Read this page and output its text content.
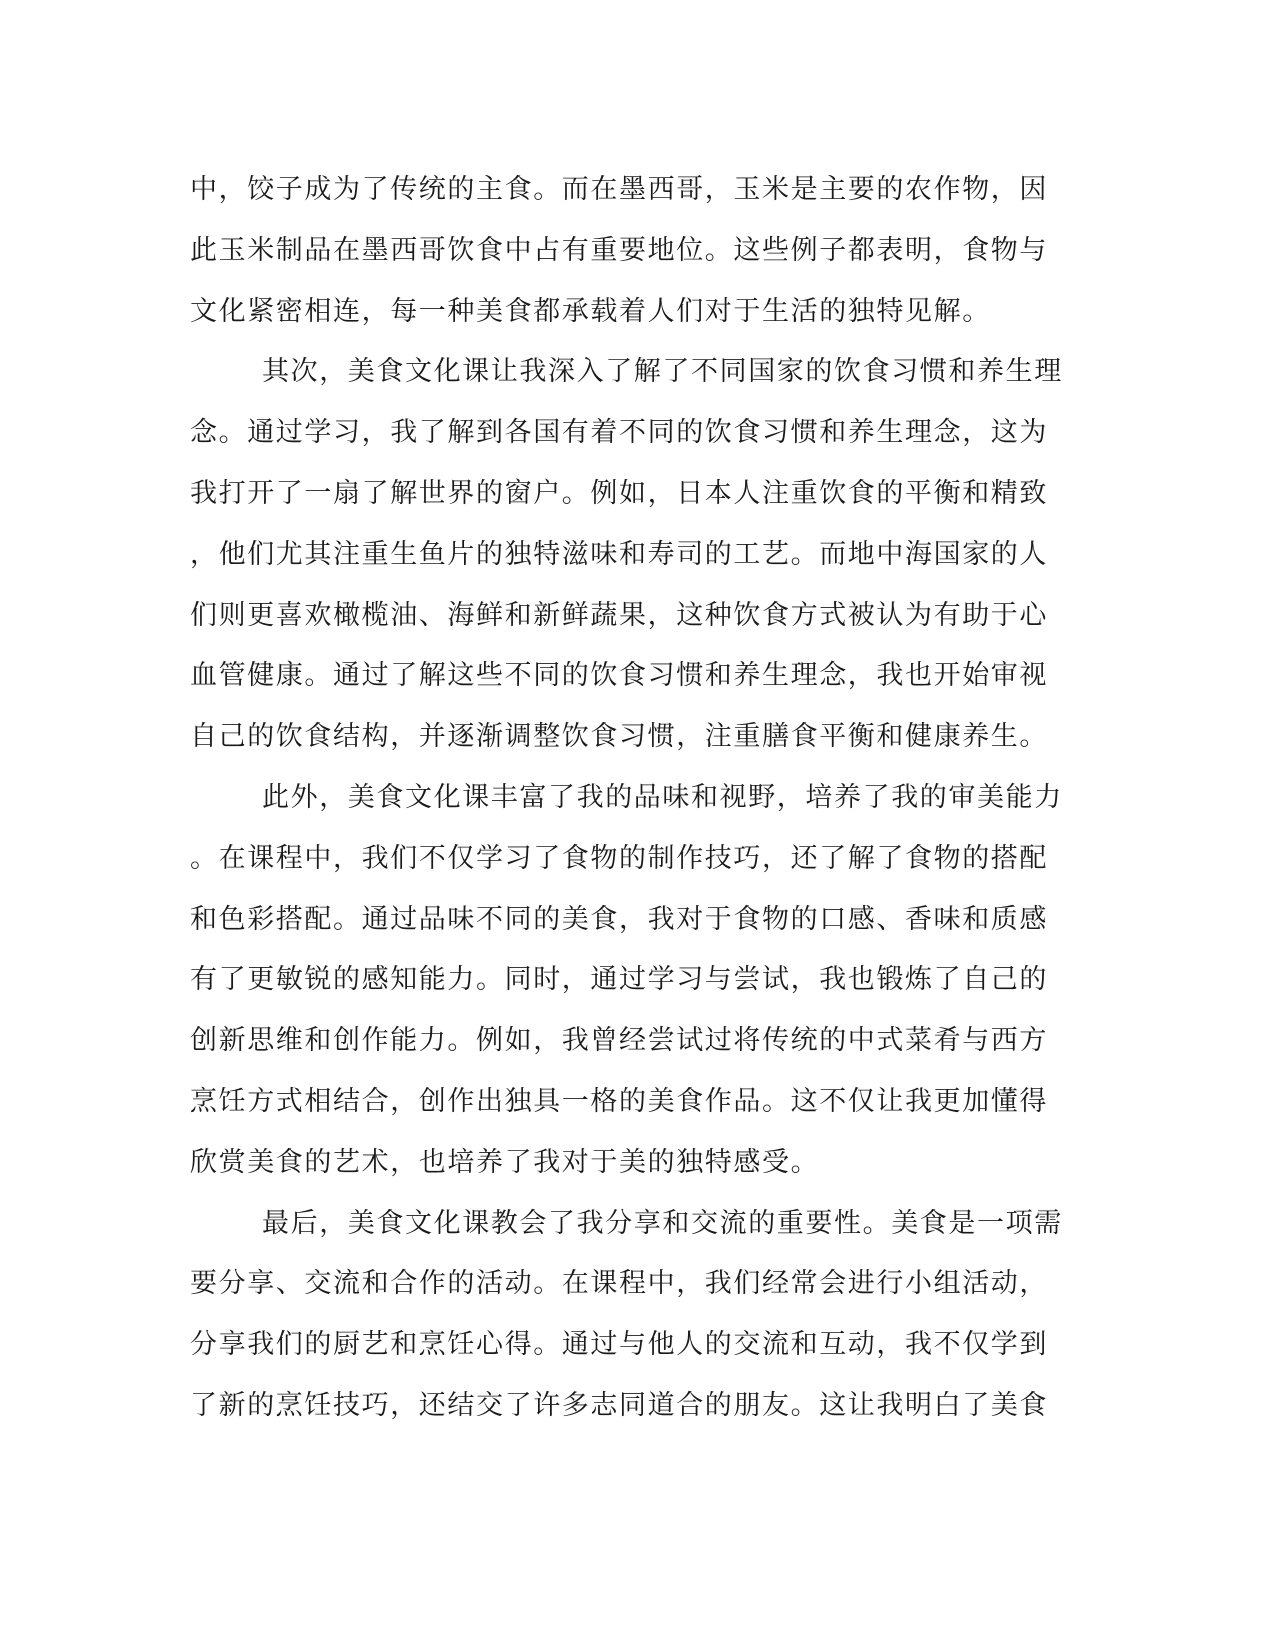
中，饺子成为了传统的主食。而在墨西哥，玉米是主要的农作物，因
此玉米制品在墨西哥饮食中占有重要地位。这些例子都表明，食物与
文化紧密相连，每一种美食都承载着人们对于生活的独特见解。
其次，美食文化课让我深入了解了不同国家的饮食习惯和养生理
念。通过学习，我了解到各国有着不同的饮食习惯和养生理念，这为
我打开了一扇了解世界的窗户。例如，日本人注重饮食的平衡和精致
，他们尤其注重生鱼片的独特滋味和寿司的工艺。而地中海国家的人
们则更喜欢橄榄油、海鲜和新鲜蔬果，这种饮食方式被认为有助于心
血管健康。通过了解这些不同的饮食习惯和养生理念，我也开始审视
自己的饮食结构，并逐渐调整饮食习惯，注重膳食平衡和健康养生。
此外，美食文化课丰富了我的品味和视野，培养了我的审美能力
。在课程中，我们不仅学习了食物的制作技巧，还了解了食物的搭配
和色彩搭配。通过品味不同的美食，我对于食物的口感、香味和质感
有了更敏锐的感知能力。同时，通过学习与尝试，我也锻炼了自己的
创新思维和创作能力。例如，我曾经尝试过将传统的中式菜肴与西方
烹饪方式相结合，创作出独具一格的美食作品。这不仅让我更加懂得
欣赏美食的艺术，也培养了我对于美的独特感受。
最后，美食文化课教会了我分享和交流的重要性。美食是一项需
要分享、交流和合作的活动。在课程中，我们经常会进行小组活动，
分享我们的厨艺和烹饪心得。通过与他人的交流和互动，我不仅学到
了新的烹饪技巧，还结交了许多志同道合的朋友。这让我明白了美食
